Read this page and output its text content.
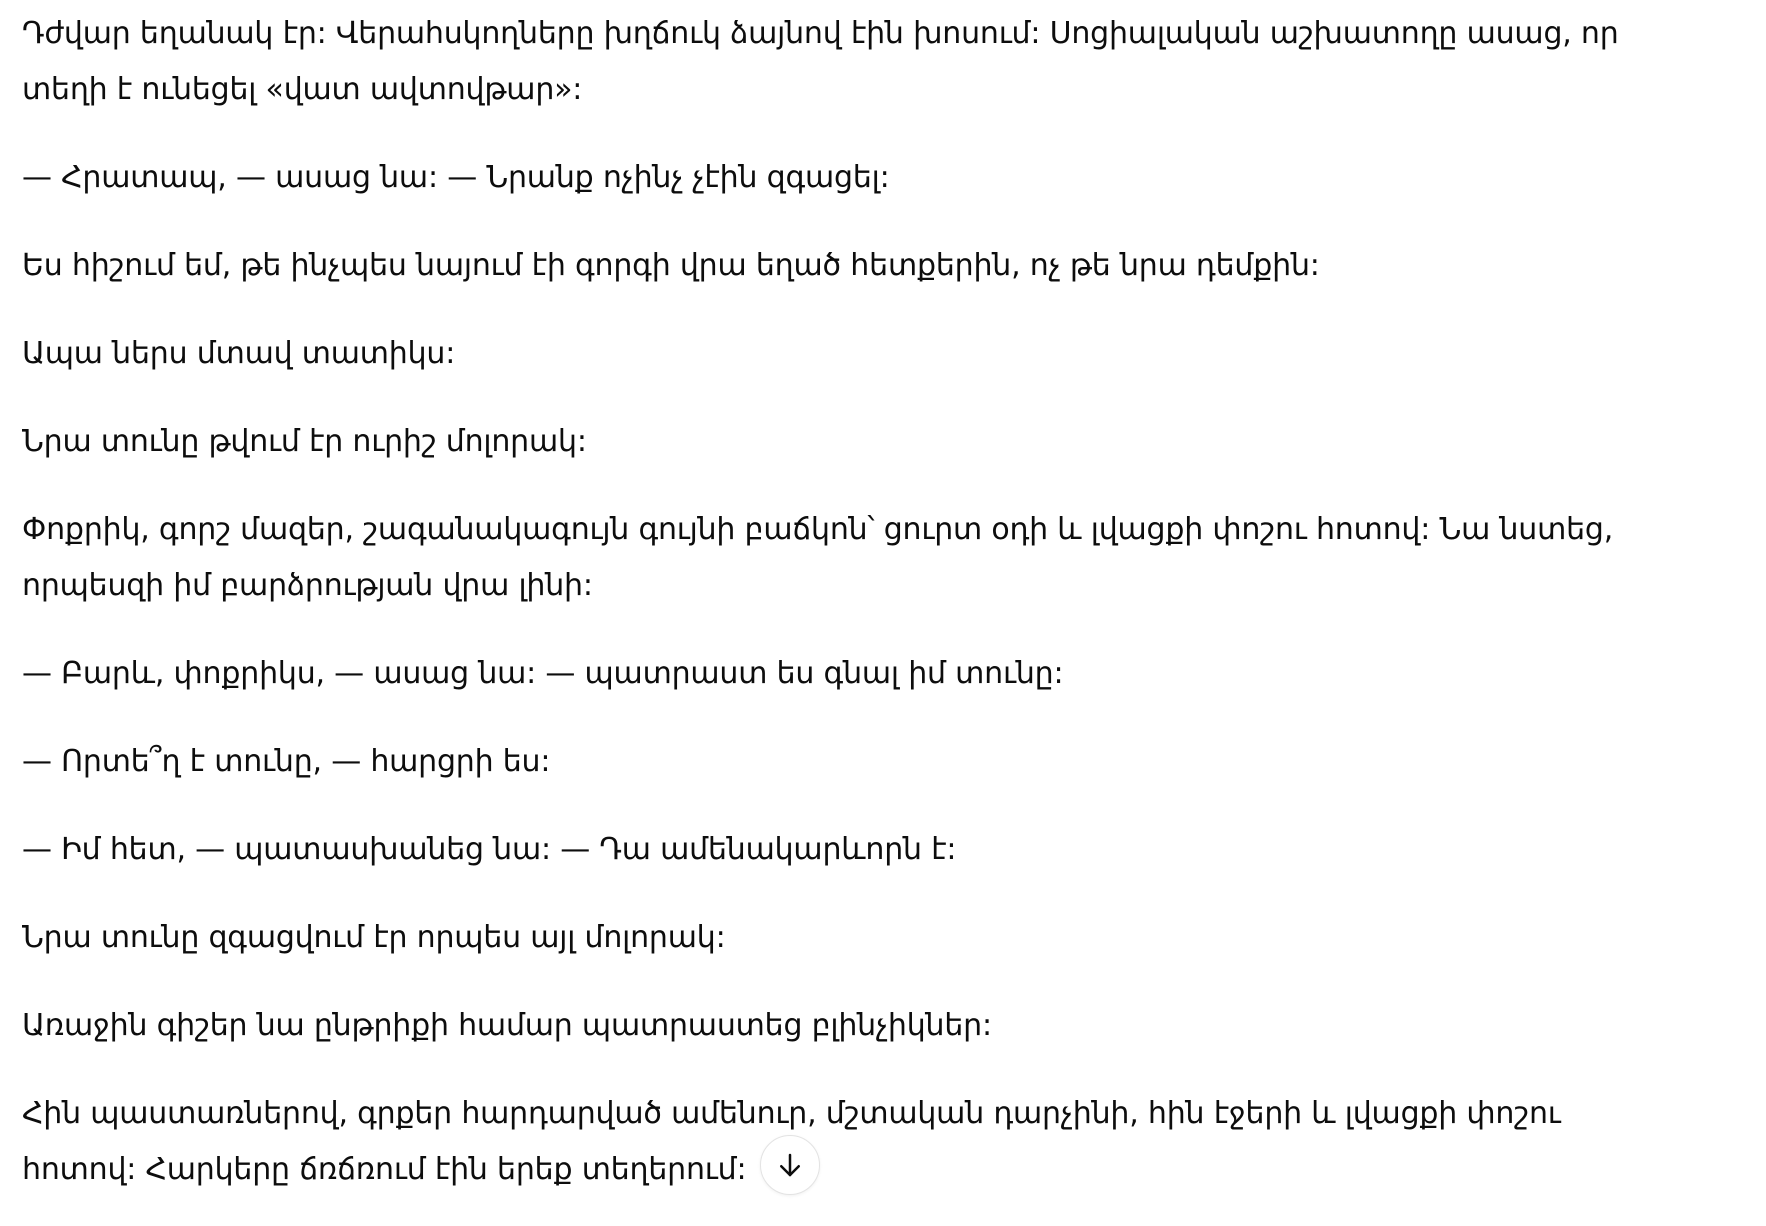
Դժվար եղանակ էր: Վերահսկողները խղճուկ ձայնով էին խոսում: Սոցիալական աշխատողը ասաց, որ տեղի է ունեցել «վատ ավտովթար»:

— Հրատապ, — ասաց նա: — Նրանք ոչինչ չէին զգացել:

Ես հիշում եմ, թե ինչպես նայում էի գորգի վրա եղած հետքերին, ոչ թե նրա դեմքին:

Ապա ներս մտավ տատիկս:

Նրա տունը թվում էր ուրիշ մոլորակ:

Փոքրիկ, գորշ մազեր, շագանակագույն գույնի բաճկոն՝ ցուրտ օդի և լվացքի փոշու հոտով: Նա նստեց, որպեսզի իմ բարձրության վրա լինի:

— Բարև, փոքրիկս, — ասաց նա: — պատրաստ ես գնալ իմ տունը:

— Որտե՞ղ է տունը, — հարցրի ես:

— Իմ հետ, — պատասխանեց նա: — Դա ամենակարևորն է:

Նրա տունը զգացվում էր որպես այլ մոլորակ:

Առաջին գիշեր նա ընթրիքի համար պատրաստեց բլինչիկներ:

Հին պաստառներով, գրքեր հարդարված ամենուր, մշտական դարչինի, հին էջերի և լվացքի փոշու հոտով: Հարկերը ճռճռում էին երեք տեղերում:
